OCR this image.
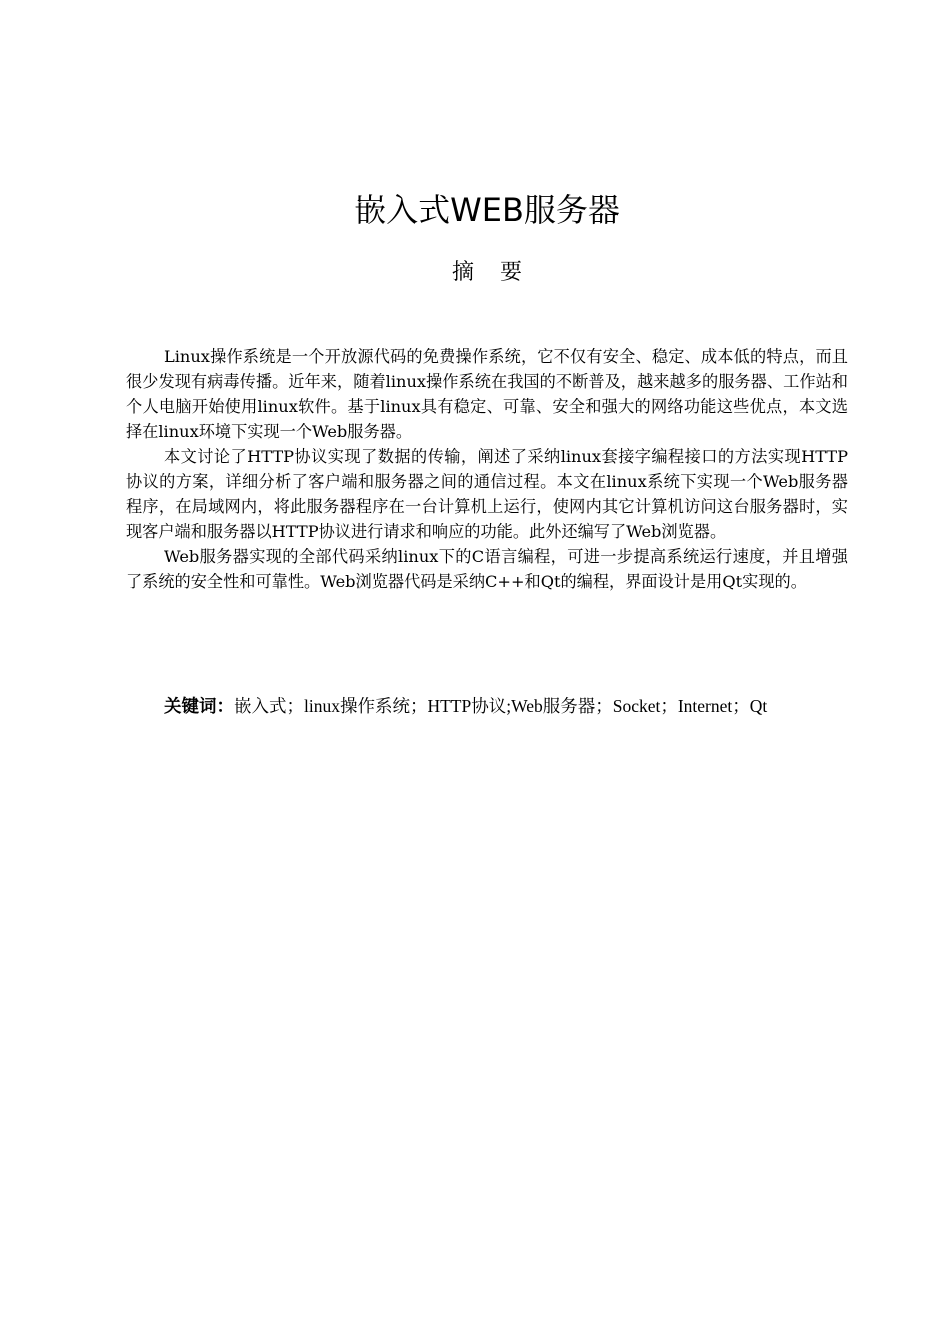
嵌入式WEB服务器
摘要

Linux操作系统是一个开放源代码的免费操作系统，它不仅有安全、稳定、成本低的特点，而且很少发现有病毒传播。近年来，随着linux操作系统在我国的不断普及，越来越多的服务器、工作站和个人电脑开始使用linux软件。基于linux具有稳定、可靠、安全和强大的网络功能这些优点，本文选择在linux环境下实现一个Web服务器。

本文讨论了HTTP协议实现了数据的传输，阐述了采纳linux套接字编程接口的方法实现HTTP协议的方案，详细分析了客户端和服务器之间的通信过程。本文在linux系统下实现一个Web服务器程序，在局域网内，将此服务器程序在一台计算机上运行，使网内其它计算机访问这台服务器时，实现客户端和服务器以HTTP协议进行请求和响应的功能。此外还编写了Web浏览器。

Web服务器实现的全部代码采纳linux下的C语言编程，可进一步提高系统运行速度，并且增强了系统的安全性和可靠性。Web浏览器代码是采纳C++和Qt的编程，界面设计是用Qt实现的。

关键词：嵌入式；linux操作系统；HTTP协议;Web服务器；Socket；Internet；Qt
